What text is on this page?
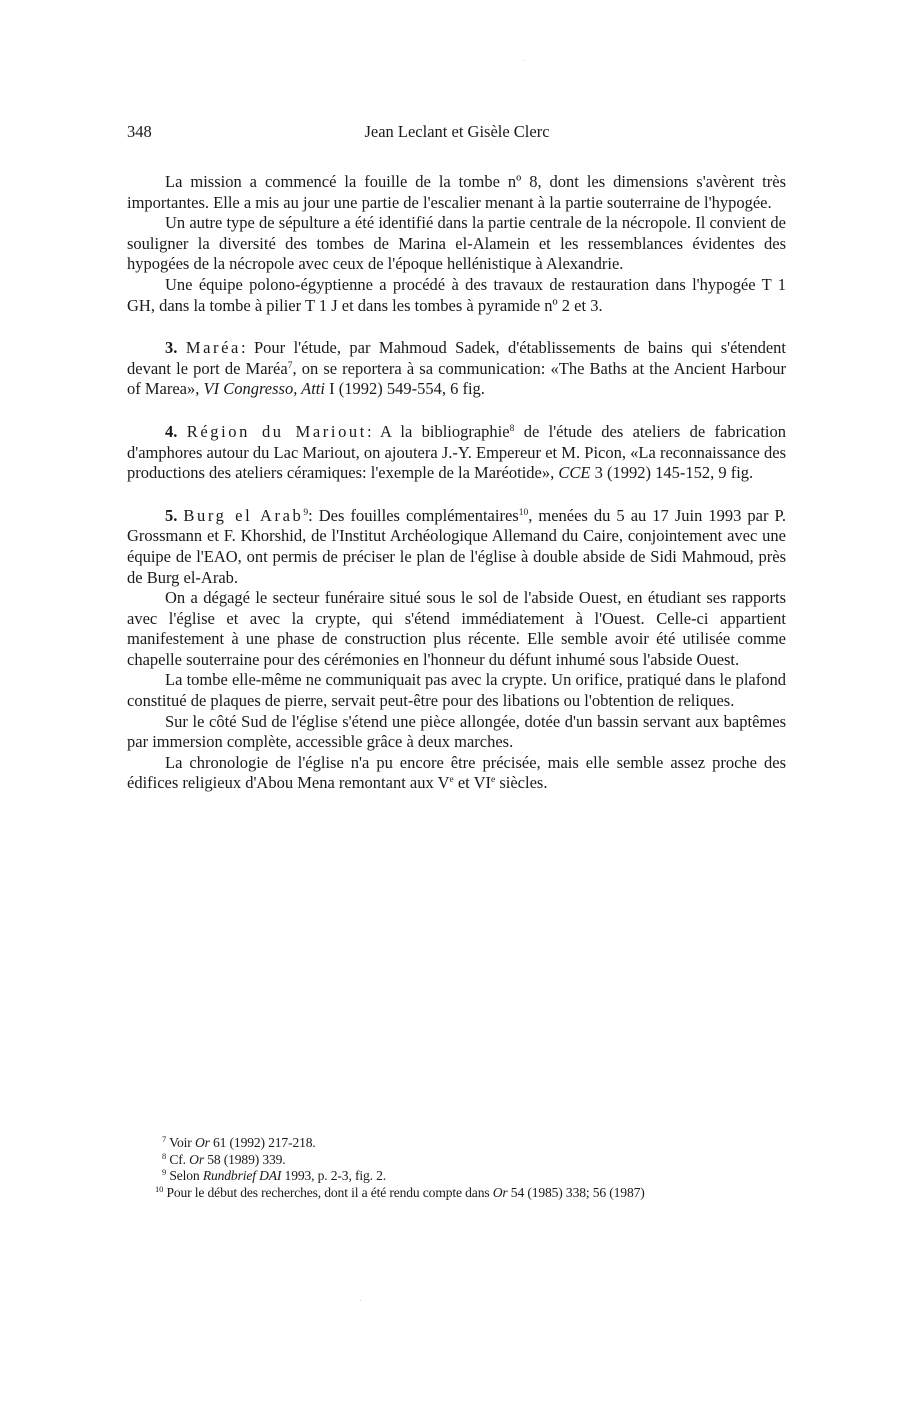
348	Jean Leclant et Gisèle Clerc

La mission a commencé la fouille de la tombe nº 8, dont les dimensions s'avèrent très importantes. Elle a mis au jour une partie de l'escalier menant à la partie souterraine de l'hypogée.

Un autre type de sépulture a été identifié dans la partie centrale de la nécropole. Il convient de souligner la diversité des tombes de Marina el-Alamein et les ressemblances évidentes des hypogées de la nécropole avec ceux de l'époque hellénistique à Alexandrie.

Une équipe polono-égyptienne a procédé à des travaux de restauration dans l'hypogée T 1 GH, dans la tombe à pilier T 1 J et dans les tombes à pyramide nº 2 et 3.

3. Maréa: Pour l'étude, par Mahmoud Sadek, d'établissements de bains qui s'étendent devant le port de Maréa$^7$, on se reportera à sa communication: «The Baths at the Ancient Harbour of Marea», VI Congresso, Atti I (1992) 549-554, 6 fig.

4. Région du Mariout: A la bibliographie$^8$ de l'étude des ateliers de fabrication d'amphores autour du Lac Mariout, on ajoutera J.-Y. Empereur et M. Picon, «La reconnaissance des productions des ateliers céramiques: l'exemple de la Maréotide», CCE 3 (1992) 145-152, 9 fig.

5. Burg el Arab$^9$: Des fouilles complémentaires$^{10}$, menées du 5 au 17 Juin 1993 par P. Grossmann et F. Khorshid, de l'Institut Archéologique Allemand du Caire, conjointement avec une équipe de l'EAO, ont permis de préciser le plan de l'église à double abside de Sidi Mahmoud, près de Burg el-Arab.

On a dégagé le secteur funéraire situé sous le sol de l'abside Ouest, en étudiant ses rapports avec l'église et avec la crypte, qui s'étend immédiatement à l'Ouest. Celle-ci appartient manifestement à une phase de construction plus récente. Elle semble avoir été utilisée comme chapelle souterraine pour des cérémonies en l'honneur du défunt inhumé sous l'abside Ouest.

La tombe elle-même ne communiquait pas avec la crypte. Un orifice, pratiqué dans le plafond constitué de plaques de pierre, servait peut-être pour des libations ou l'obtention de reliques.

Sur le côté Sud de l'église s'étend une pièce allongée, dotée d'un bassin servant aux baptêmes par immersion complète, accessible grâce à deux marches.

La chronologie de l'église n'a pu encore être précisée, mais elle semble assez proche des édifices religieux d'Abou Mena remontant aux Ve et VIe siècles.

$^7$ Voir Or 61 (1992) 217-218.
$^8$ Cf. Or 58 (1989) 339.
$^9$ Selon Rundbrief DAI 1993, p. 2-3, fig. 2.
$^{10}$ Pour le début des recherches, dont il a été rendu compte dans Or 54 (1985) 338; 56 (1987)
